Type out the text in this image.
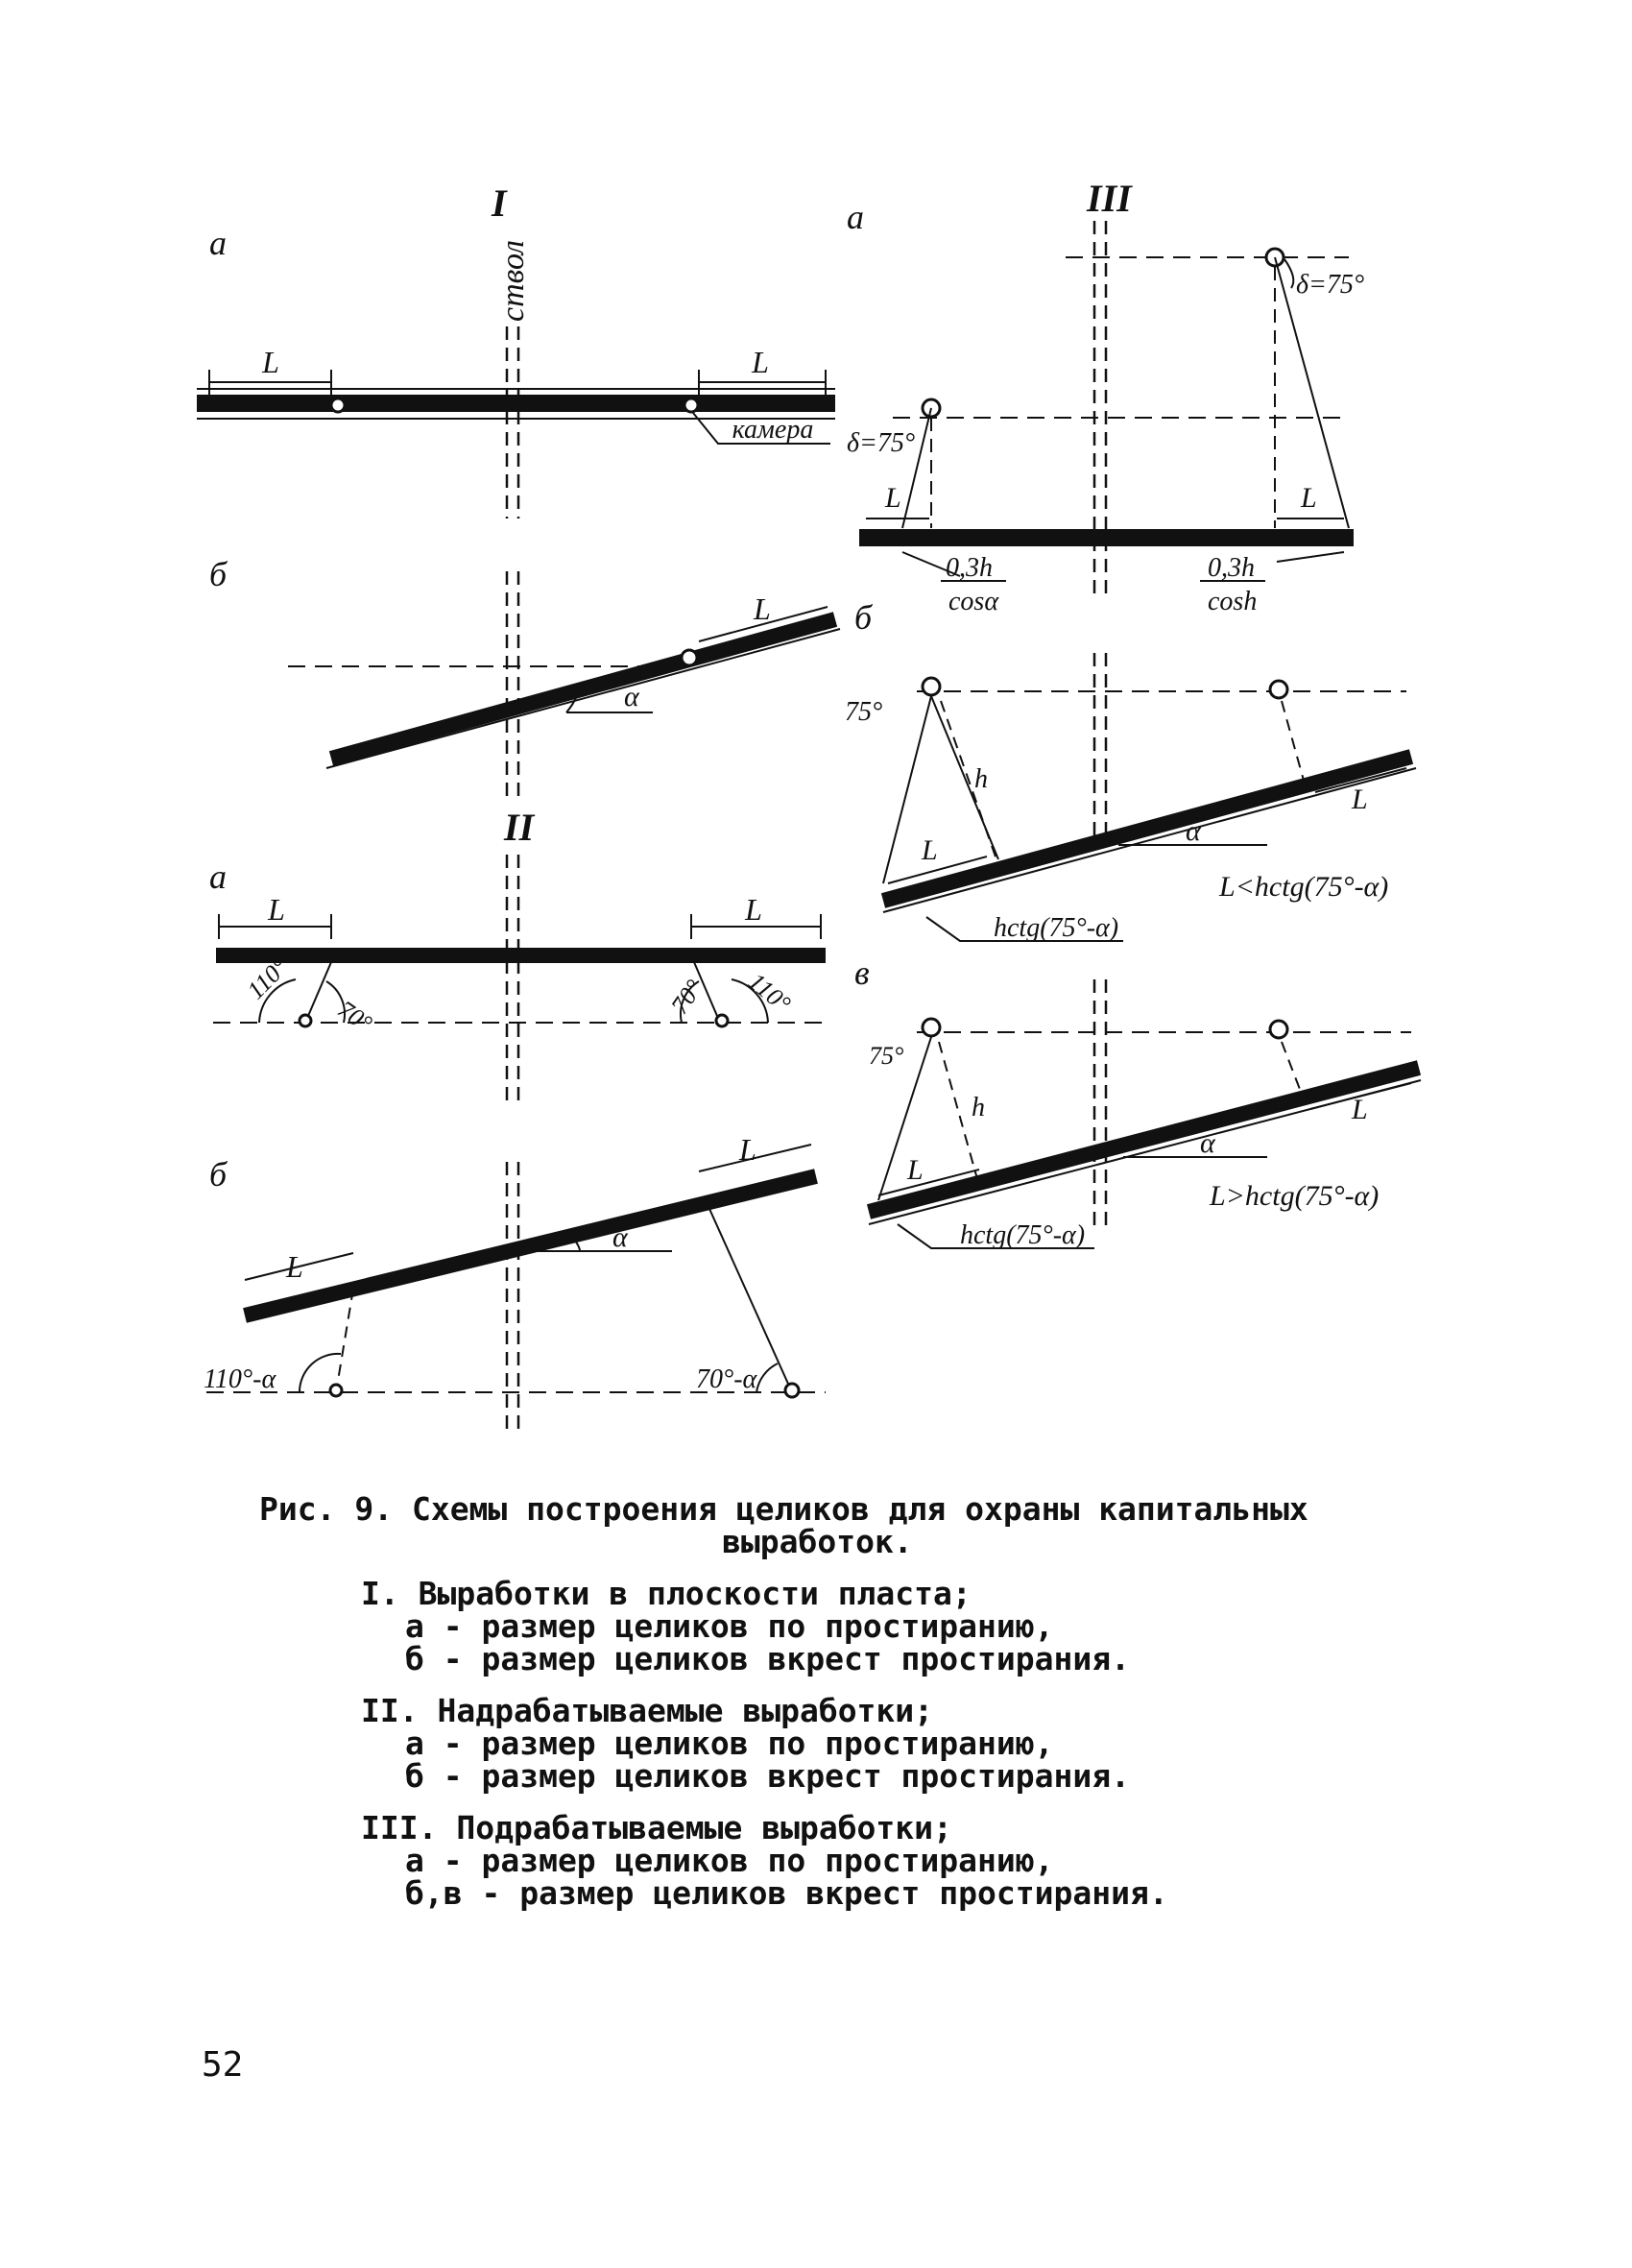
I
ствол
a
L	L
камера
б
L
α
II
a
L	L
110°
70°	70° 110°
б
α
L
L
110°-α	70°-α
III
a
δ=75°
δ=75°
L	L
0,3h
cosα
0,3h
cosh
б
75°
h
L
L
α
hctg(75°-α)
L<hctg(75°-α)
в
75°
h
L
L
α
hctg(75°-α)
L>hctg(75°-α)
Рис. 9. Схемы построения целиков для охраны капитальных
выработок.
I. Выработки в плоскости пласта;
а - размер целиков по простиранию,
б - размер целиков вкрест простирания.
II. Надрабатываемые выработки;
а - размер целиков по простиранию,
б - размер целиков вкрест простирания.
III. Подрабатываемые выработки;
а - размер целиков по простиранию,
б,в - размер целиков вкрест простирания.
52
